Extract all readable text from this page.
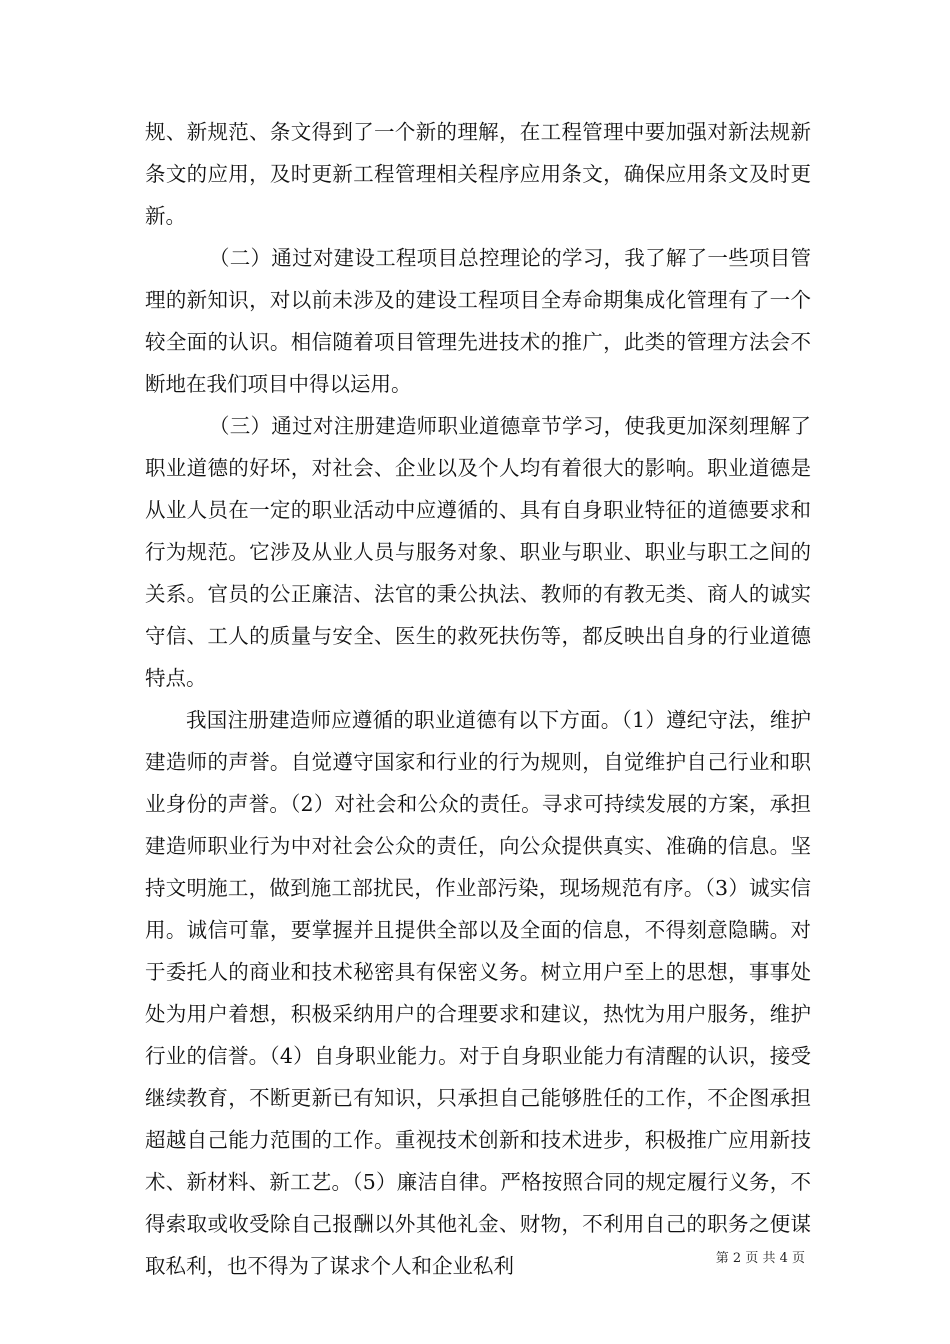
规、新规范、条文得到了一个新的理解，在工程管理中要加强对新法规新条文的应用，及时更新工程管理相关程序应用条文，确保应用条文及时更新。

（二）通过对建设工程项目总控理论的学习，我了解了一些项目管理的新知识，对以前未涉及的建设工程项目全寿命期集成化管理有了一个较全面的认识。相信随着项目管理先进技术的推广，此类的管理方法会不断地在我们项目中得以运用。

（三）通过对注册建造师职业道德章节学习，使我更加深刻理解了职业道德的好坏，对社会、企业以及个人均有着很大的影响。职业道德是从业人员在一定的职业活动中应遵循的、具有自身职业特征的道德要求和行为规范。它涉及从业人员与服务对象、职业与职业、职业与职工之间的关系。官员的公正廉洁、法官的秉公执法、教师的有教无类、商人的诚实守信、工人的质量与安全、医生的救死扶伤等，都反映出自身的行业道德特点。

我国注册建造师应遵循的职业道德有以下方面。（1）遵纪守法，维护建造师的声誉。自觉遵守国家和行业的行为规则，自觉维护自己行业和职业身份的声誉。（2）对社会和公众的责任。寻求可持续发展的方案，承担建造师职业行为中对社会公众的责任，向公众提供真实、准确的信息。坚持文明施工，做到施工部扰民，作业部污染，现场规范有序。（3）诚实信用。诚信可靠，要掌握并且提供全部以及全面的信息，不得刻意隐瞒。对于委托人的商业和技术秘密具有保密义务。树立用户至上的思想，事事处处为用户着想，积极采纳用户的合理要求和建议，热忱为用户服务，维护行业的信誉。（4）自身职业能力。对于自身职业能力有清醒的认识，接受继续教育，不断更新已有知识，只承担自己能够胜任的工作，不企图承担超越自己能力范围的工作。重视技术创新和技术进步，积极推广应用新技术、新材料、新工艺。（5）廉洁自律。严格按照合同的规定履行义务，不得索取或收受除自己报酬以外其他礼金、财物，不利用自己的职务之便谋取私利，也不得为了谋求个人和企业私利	第 2 页 共 4 页
